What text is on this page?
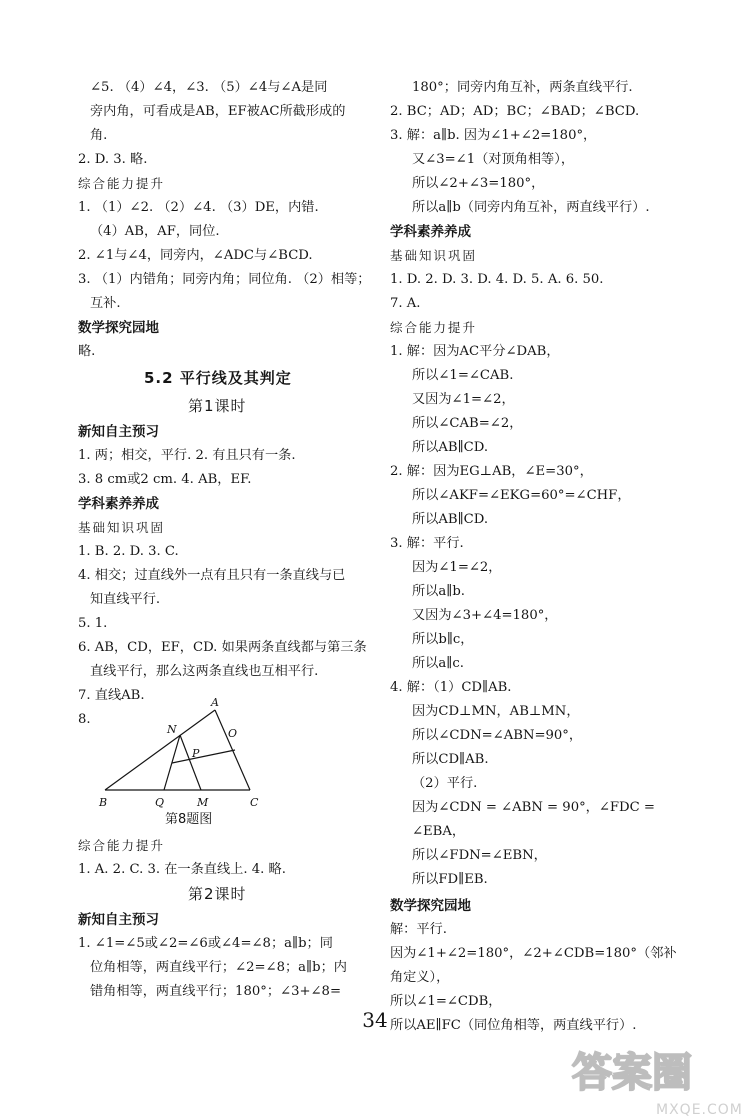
∠5. （4）∠4，∠3. （5）∠4与∠A是同
旁内角，可看成是AB，EF被AC所截形成的
角.
2. D. 3. 略.
综合能力提升
1. （1）∠2. （2）∠4. （3）DE，内错.
（4）AB，AF，同位.
2. ∠1与∠4，同旁内，∠ADC与∠BCD.
3. （1）内错角；同旁内角；同位角. （2）相等；
互补.
数学探究园地
略.
5.2 平行线及其判定
第1课时
新知自主预习
1. 两；相交，平行. 2. 有且只有一条.
3. 8 cm或2 cm. 4. AB，EF.
学科素养养成
基础知识巩固
1. B. 2. D. 3. C.
4. 相交；过直线外一点有且只有一条直线与已
知直线平行.
5. 1.
6. AB，CD，EF，CD. 如果两条直线都与第三条
直线平行，那么这两条直线也互相平行.
7. 直线AB.
8.
综合能力提升
1. A. 2. C. 3. 在一条直线上. 4. 略.
第2课时
新知自主预习
1. ∠1=∠5或∠2=∠6或∠4=∠8；a∥b；同
位角相等，两直线平行；∠2=∠8；a∥b；内
错角相等，两直线平行；180°；∠3+∠8=
A
N	O
P
B	Q	M	C
第8题图
180°；同旁内角互补，两条直线平行.
2. BC；AD；AD；BC；∠BAD；∠BCD.
3. 解：a∥b. 因为∠1+∠2=180°，
又∠3=∠1（对顶角相等），
所以∠2+∠3=180°，
所以a∥b（同旁内角互补，两直线平行）.
学科素养养成
基础知识巩固
1. D. 2. D. 3. D. 4. D. 5. A. 6. 50.
7. A.
综合能力提升
1. 解：因为AC平分∠DAB，
所以∠1=∠CAB.
又因为∠1=∠2，
所以∠CAB=∠2，
所以AB∥CD.
2. 解：因为EG⊥AB，∠E=30°，
所以∠AKF=∠EKG=60°=∠CHF，
所以AB∥CD.
3. 解：平行.
因为∠1=∠2，
所以a∥b.
又因为∠3+∠4=180°，
所以b∥c，
所以a∥c.
4. 解：（1）CD∥AB.
因为CD⊥MN，AB⊥MN，
所以∠CDN=∠ABN=90°，
所以CD∥AB.
（2）平行.
因为∠CDN = ∠ABN = 90°，∠FDC =
∠EBA，
所以∠FDN=∠EBN，
所以FD∥EB.
数学探究园地
解：平行.
因为∠1+∠2=180°，∠2+∠CDB=180°（邻补
角定义），
所以∠1=∠CDB，
所以AE∥FC（同位角相等，两直线平行）.
34
答案圈
MXQE.COM
